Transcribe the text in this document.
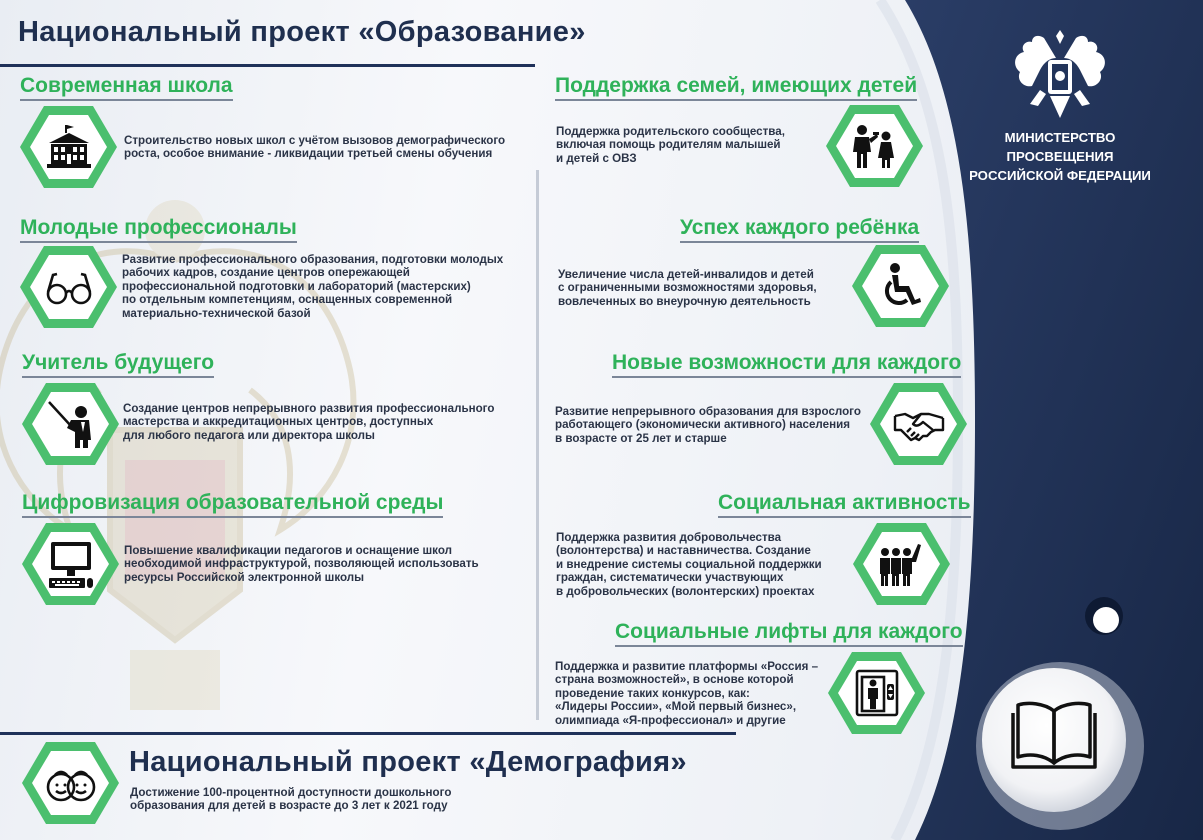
МИНИСТЕРСТВО
ПРОСВЕЩЕНИЯ
РОССИЙСКОЙ ФЕДЕРАЦИИ
Национальный проект «Образование»
Современная школа
Строительство новых школ с учётом вызовов демографического
роста, особое внимание - ликвидации третьей смены обучения
Молодые профессионалы
Развитие профессионального образования, подготовки молодых
рабочих кадров, создание центров опережающей
профессиональной подготовки и лабораторий (мастерских)
по отдельным компетенциям, оснащенных современной
материально-технической базой
Учитель будущего
Создание центров непрерывного развития профессионального
мастерства и аккредитационных центров, доступных
для любого педагога или директора школы
Цифровизация образовательной среды
Повышение квалификации педагогов и оснащение школ
необходимой инфраструктурой, позволяющей использовать
ресурсы Российской электронной школы
Поддержка семей, имеющих детей
Поддержка родительского сообщества,
включая помощь родителям малышей
и детей с ОВЗ
Успех каждого ребёнка
Увеличение числа детей-инвалидов и детей
с ограниченными возможностями здоровья,
вовлеченных во внеурочную деятельность
Новые возможности для каждого
Развитие непрерывного образования для взрослого
работающего (экономически активного) населения
в возрасте от 25 лет и старше
Социальная активность
Поддержка развития добровольчества
(волонтерства) и наставничества. Создание
и внедрение системы социальной поддержки
граждан, систематически участвующих
в добровольческих (волонтерских) проектах
Социальные лифты для каждого
Поддержка и развитие платформы «Россия –
страна возможностей», в основе которой
проведение таких конкурсов, как:
«Лидеры России», «Мой первый бизнес»,
олимпиада «Я-профессионал» и другие
Национальный проект «Демография»
Достижение 100-процентной доступности дошкольного
образования для детей в возрасте до 3 лет к 2021 году
